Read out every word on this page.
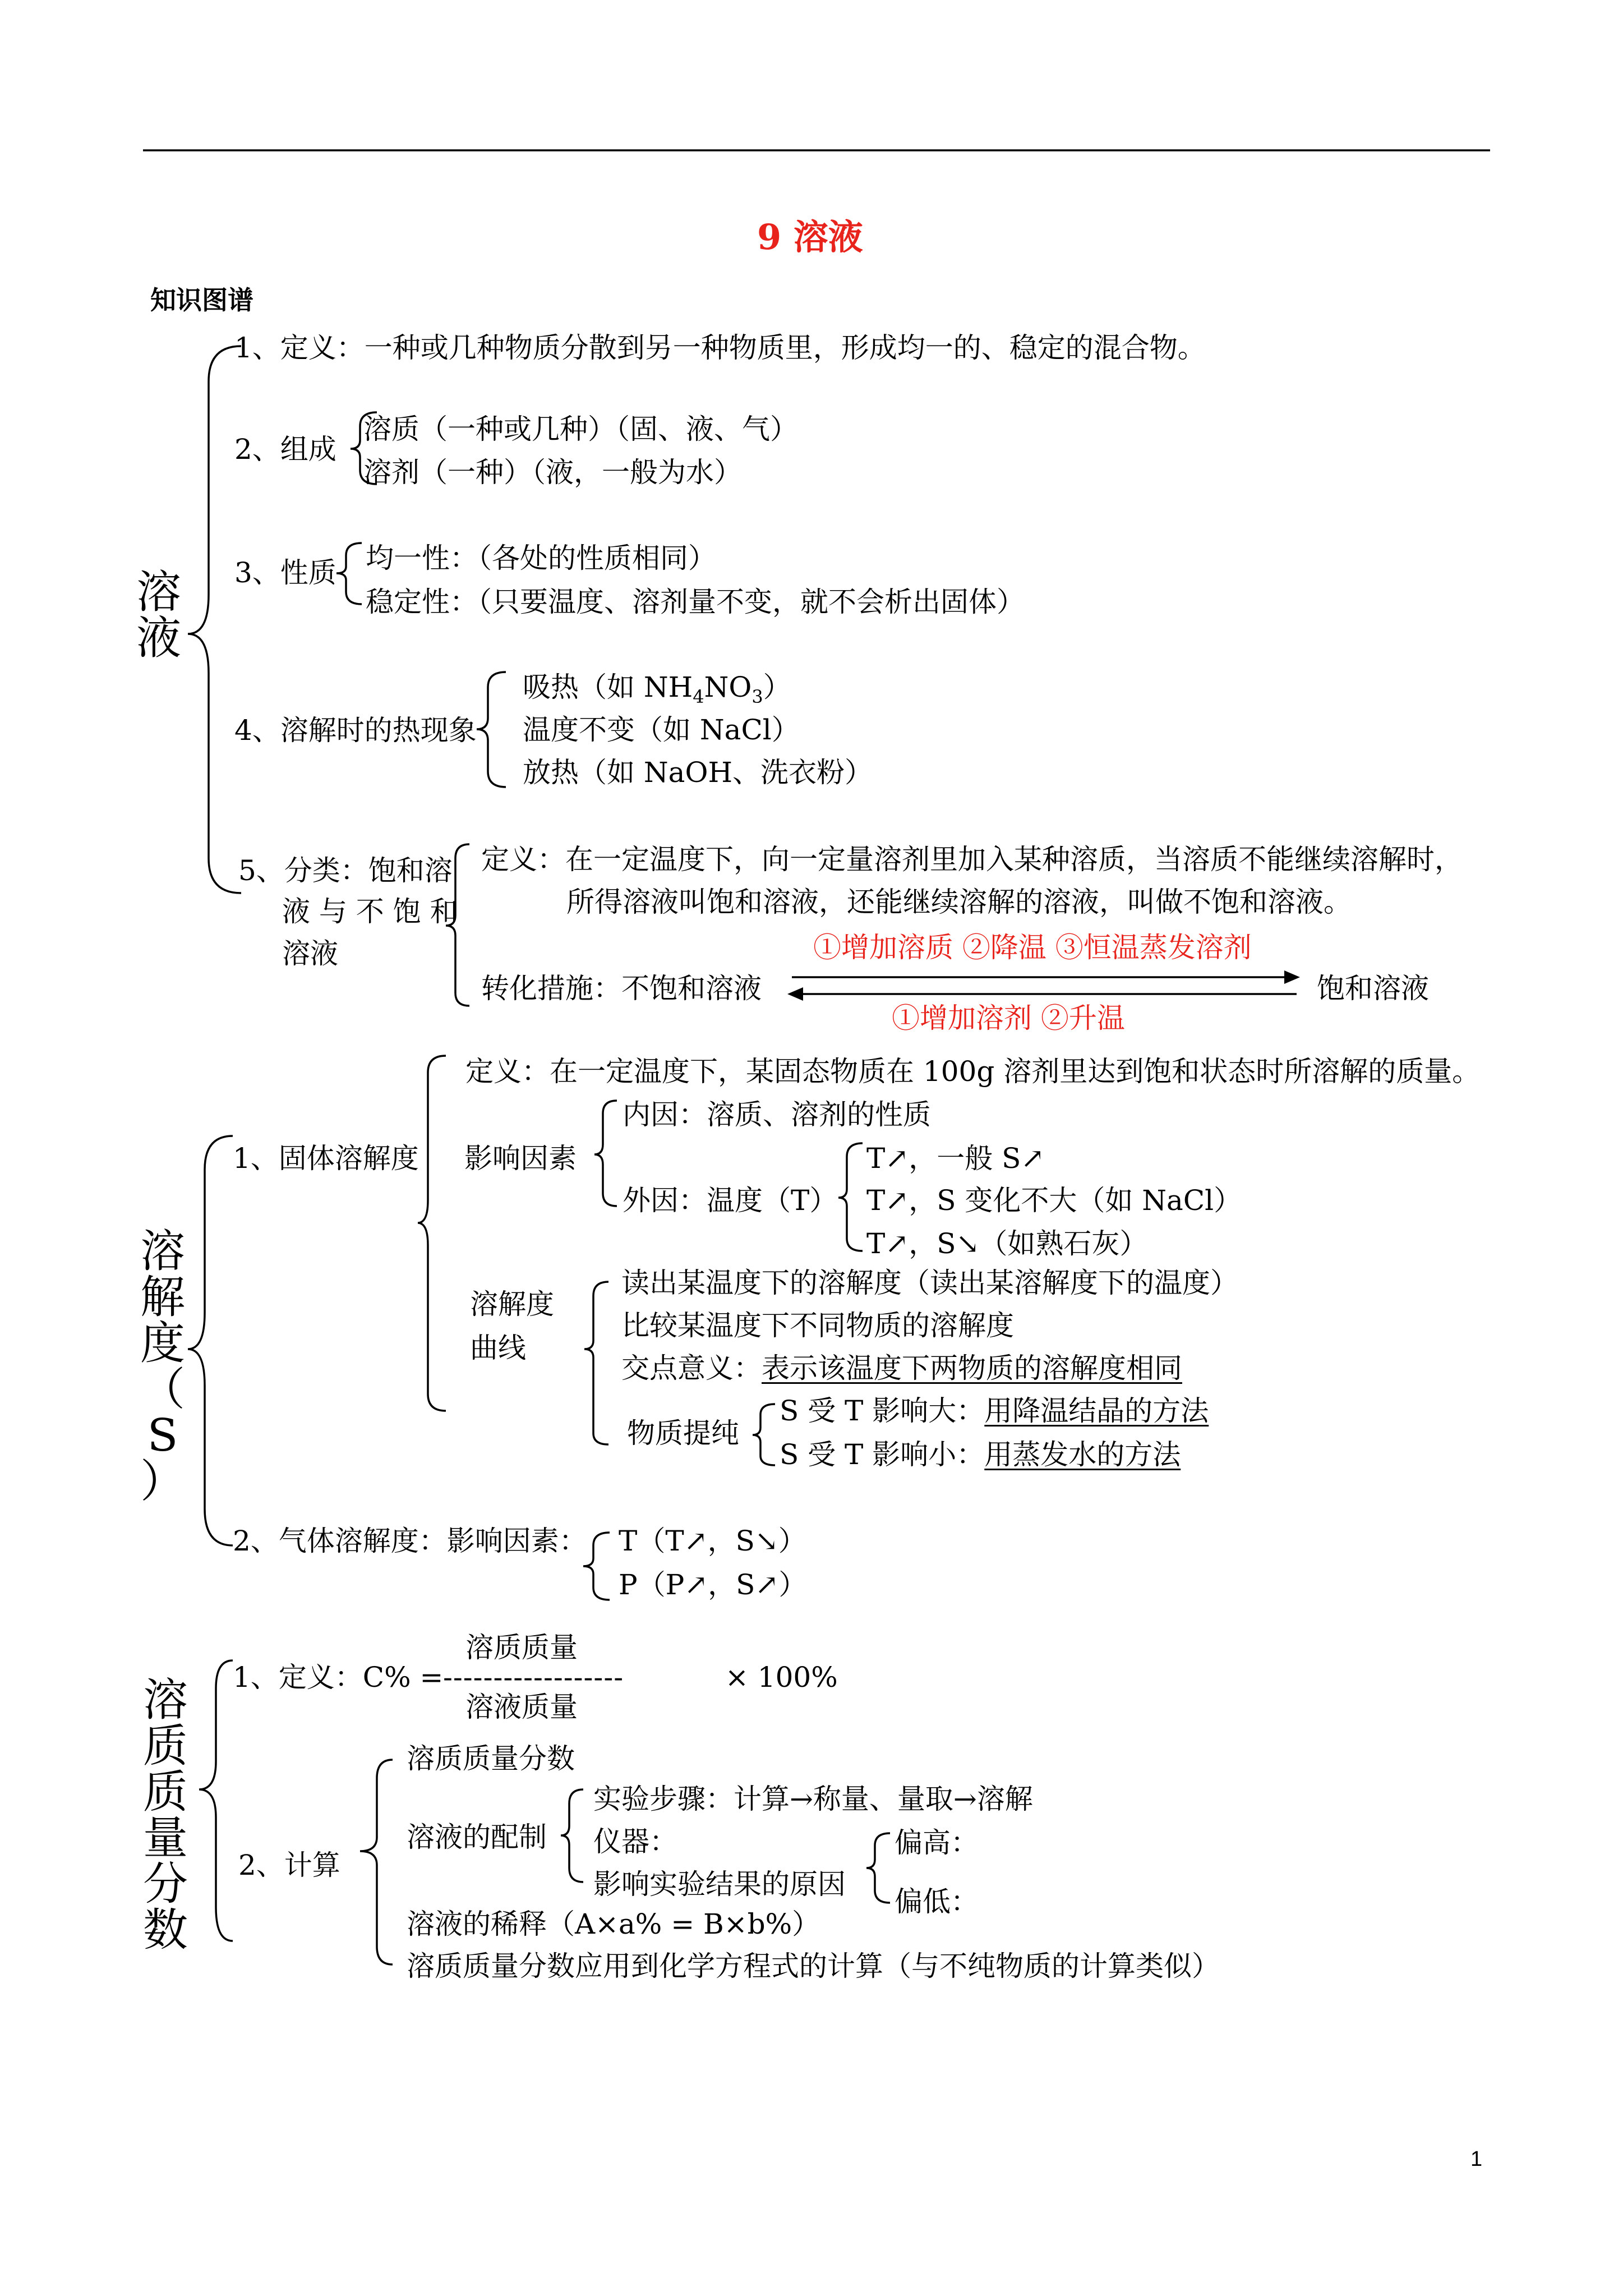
9 溶液
知识图谱
溶
液
1、定义：一种或几种物质分散到另一种物质里，形成均一的、稳定的混合物。
2、组成
溶质（一种或几种）（固、液、气）
溶剂（一种）（液，一般为水）
3、性质 均一性：（各处的性质相同）
稳定性：（只要温度、溶剂量不变，就不会析出固体）
4、溶解时的热现象
吸热（如 $NH_4NO_3$）
温度不变（如 NaCl）
放热（如 NaOH、洗衣粉）
5、分类：饱和溶
液 与 不 饱 和
溶液
定义：在一定温度下，向一定量溶剂里加入某种溶质，当溶质不能继续溶解时，
所得溶液叫饱和溶液，还能继续溶解的溶液，叫做不饱和溶液。
①增加溶质 ②降温 ③恒温蒸发溶剂
转化措施：不饱和溶液	饱和溶液
①增加溶剂 ②升温
溶
解
度
（
S
）
1、固体溶解度
定义：在一定温度下，某固态物质在 100g 溶剂里达到饱和状态时所溶解的质量。
影响因素
内因：溶质、溶剂的性质
外因：温度（T）
T↗，一般 S↗
T↗，S 变化不大（如 NaCl）
T↗，S↘（如熟石灰）
溶解度
曲线
读出某温度下的溶解度（读出某溶解度下的温度）
比较某温度下不同物质的溶解度
交点意义：表示该温度下两物质的溶解度相同
物质提纯
S 受 T 影响大：用降温结晶的方法
S 受 T 影响小：用蒸发水的方法
2、气体溶解度：影响因素： T（T↗，S↘）
P（P↗，S↗）
溶
质
质
量
分
数
溶质质量
1、定义：C% = ------------------	× 100%
溶液质量
2、计算
溶质质量分数
溶液的配制
溶液的稀释（A×a% = B×b%）
溶质质量分数应用到化学方程式的计算（与不纯物质的计算类似）
实验步骤：计算→称量、量取→溶解
仪器：
影响实验结果的原因
偏高：
偏低：
1
